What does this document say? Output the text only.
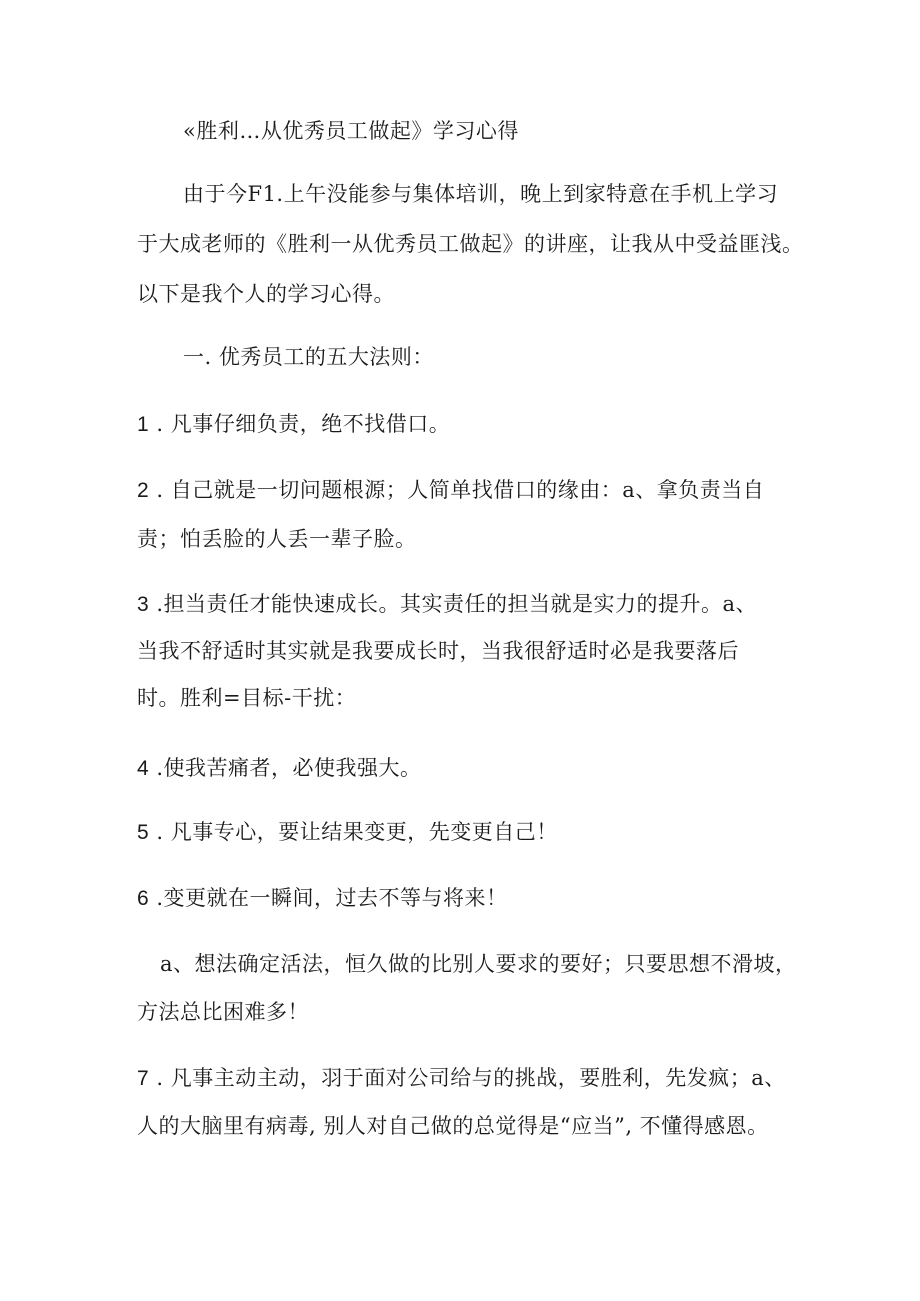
«胜利…从优秀员工做起》学习心得
由于今F1.上午没能参与集体培训，晚上到家特意在手机上学习
于大成老师的《胜利一从优秀员工做起》的讲座，让我从中受益匪浅。
以下是我个人的学习心得。
一. 优秀员工的五大法则：
1 . 凡事仔细负责，绝不找借口。
2 . 自己就是一切问题根源；人简单找借口的缘由：a、拿负责当自
责；怕丢脸的人丢一辈子脸。
3 .担当责任才能快速成长。其实责任的担当就是实力的提升。a、
当我不舒适时其实就是我要成长时，当我很舒适时必是我要落后
时。胜利=目标-干扰：
4 .使我苦痛者，必使我强大。
5 . 凡事专心，要让结果变更，先变更自己！
6 .变更就在一瞬间，过去不等与将来！
a、想法确定活法，恒久做的比别人要求的要好；只要思想不滑坡，
方法总比困难多！
7 . 凡事主动主动，羽于面对公司给与的挑战，要胜利，先发疯；a、
人的大脑里有病毒, 别人对自己做的总觉得是“应当”, 不懂得感恩。
